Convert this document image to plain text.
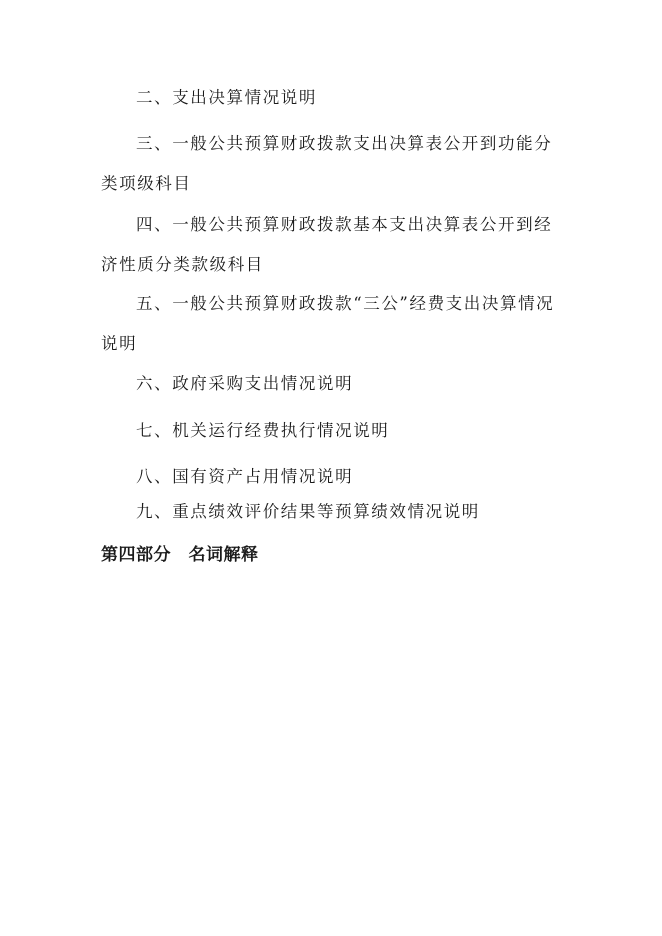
二、支出决算情况说明
三、一般公共预算财政拨款支出决算表公开到功能分类项级科目
四、一般公共预算财政拨款基本支出决算表公开到经济性质分类款级科目
五、一般公共预算财政拨款“三公”经费支出决算情况说明
六、政府采购支出情况说明
七、机关运行经费执行情况说明
八、国有资产占用情况说明
九、重点绩效评价结果等预算绩效情况说明
第四部分　名词解释
